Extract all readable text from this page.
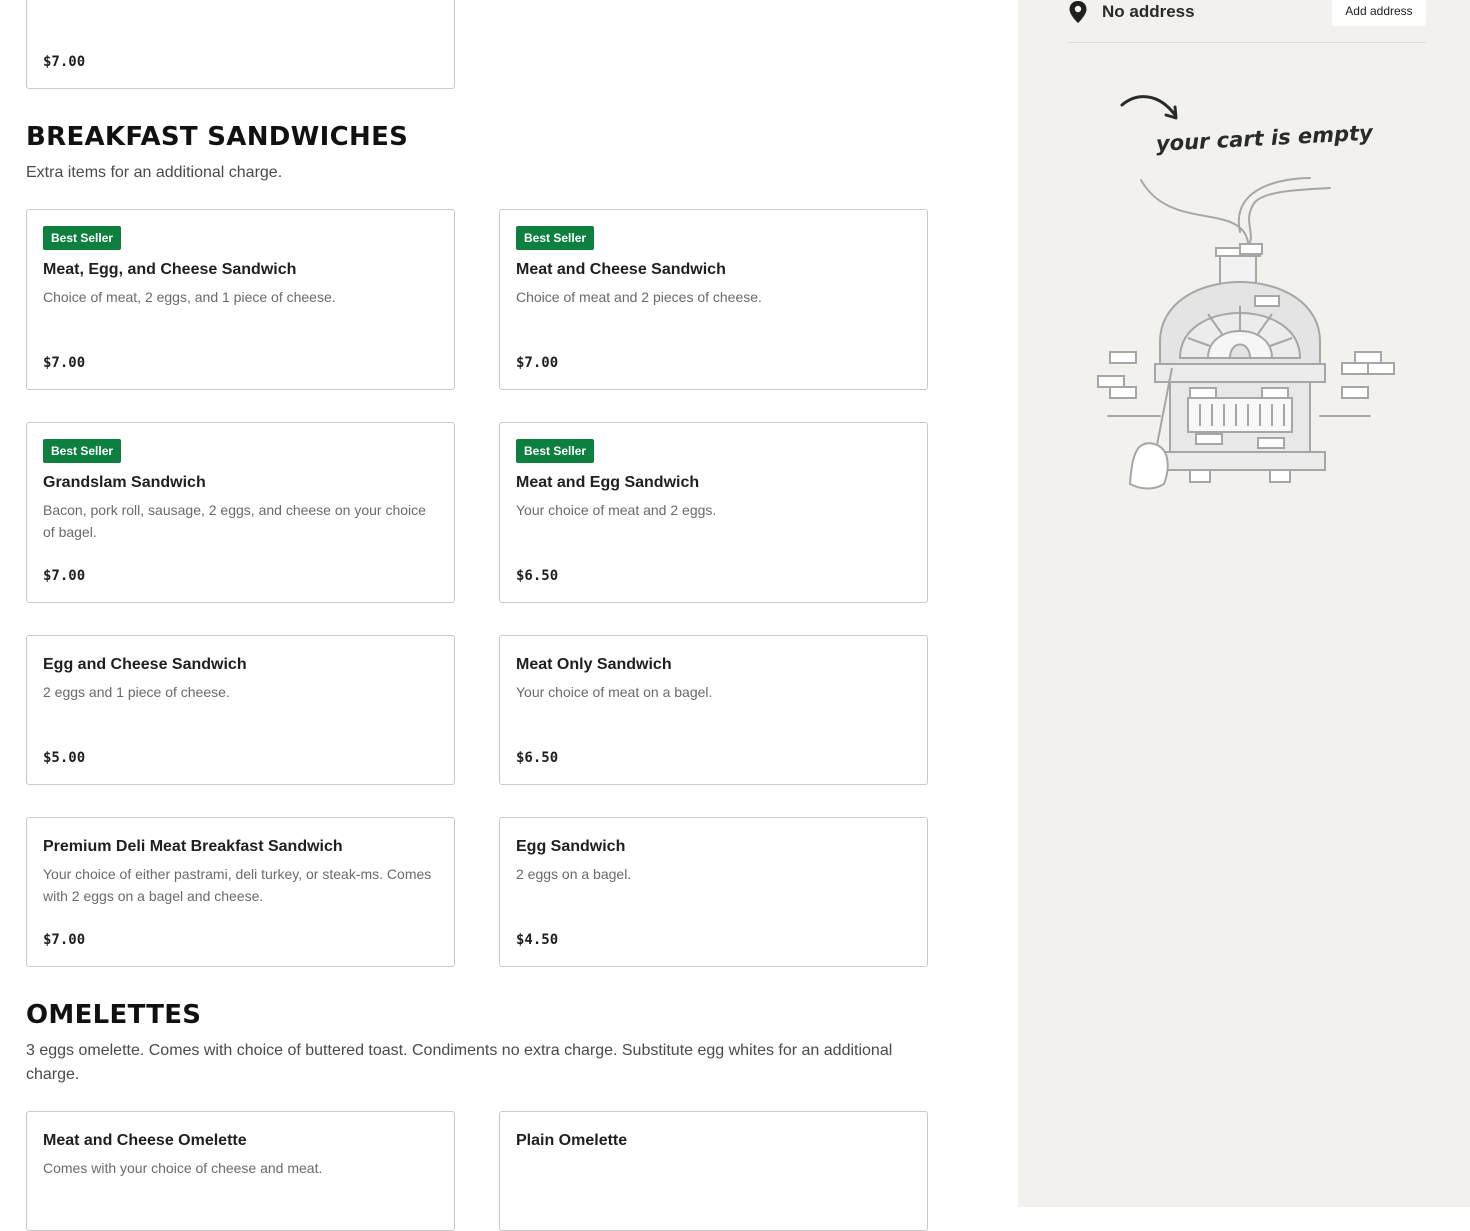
$7.00
BREAKFAST SANDWICHES
Extra items for an additional charge.
Best Seller
Meat, Egg, and Cheese Sandwich
Choice of meat, 2 eggs, and 1 piece of cheese.
$7.00
Best Seller
Meat and Cheese Sandwich
Choice of meat and 2 pieces of cheese.
$7.00
Best Seller
Grandslam Sandwich
Bacon, pork roll, sausage, 2 eggs, and cheese on your choice of bagel.
$7.00
Best Seller
Meat and Egg Sandwich
Your choice of meat and 2 eggs.
$6.50
Egg and Cheese Sandwich
2 eggs and 1 piece of cheese.
$5.00
Meat Only Sandwich
Your choice of meat on a bagel.
$6.50
Premium Deli Meat Breakfast Sandwich
Your choice of either pastrami, deli turkey, or steak-ms. Comes with 2 eggs on a bagel and cheese.
$7.00
Egg Sandwich
2 eggs on a bagel.
$4.50
OMELETTES
3 eggs omelette. Comes with choice of buttered toast. Condiments no extra charge. Substitute egg whites for an additional charge.
Meat and Cheese Omelette
Comes with your choice of cheese and meat.
Plain Omelette
No address	Add address
your cart is empty
